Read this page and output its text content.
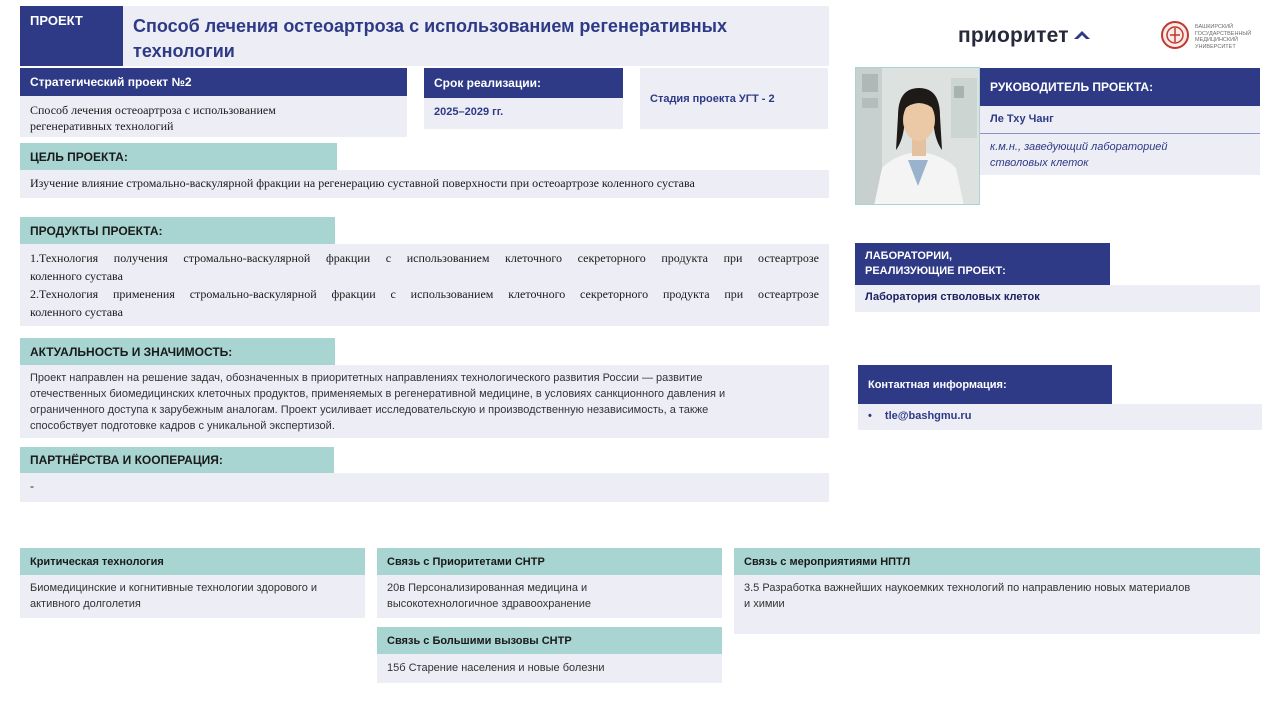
ПРОЕКТ	Способ лечения остеоартроза с использованием регенеративных
технологии
приоритет	БАШКИРСКИЙ
ГОСУДАРСТВЕННЫЙ
МЕДИЦИНСКИЙ
УНИВЕРСИТЕТ
Стратегический проект №2
Способ лечения остеоартроза с использованием
регенеративных технологий
Срок реализации:
2025–2029 гг.
Стадия проекта УГТ - 2
РУКОВОДИТЕЛЬ ПРОЕКТА:
Ле Тху Чанг
к.м.н., заведующий лабораторией
стволовых клеток
ЦЕЛЬ ПРОЕКТА:
Изучение влияние стромально-васкулярной фракции на регенерацию суставной поверхности при остеоартрозе коленного сустава
ПРОДУКТЫ ПРОЕКТА:
1.Технология получения стромально-васкулярной фракции с использованием клеточного секреторного продукта при остеартрозе
коленного сустава
2.Технология применения стромально-васкулярной фракции с использованием клеточного секреторного продукта при остеартрозе
коленного сустава
ЛАБОРАТОРИИ,
РЕАЛИЗУЮЩИЕ ПРОЕКТ:
Лаборатория стволовых клеток
АКТУАЛЬНОСТЬ И ЗНАЧИМОСТЬ:
Проект направлен на решение задач, обозначенных в приоритетных направлениях технологического развития России — развитие
отечественных биомедицинских клеточных продуктов, применяемых в регенеративной медицине, в условиях санкционного давления и
ограниченного доступа к зарубежным аналогам. Проект усиливает исследовательскую и производственную независимость, а также
способствует подготовке кадров с уникальной экспертизой.
Контактная информация:
• tle@bashgmu.ru
ПАРТНЁРСТВА И КООПЕРАЦИЯ:
-
Критическая технология
Биомедицинские и когнитивные технологии здорового и
активного долголетия
Связь с Приоритетами СНТР
20в Персонализированная медицина и
высокотехнологичное здравоохранение
Связь с Большими вызовы СНТР
15б Старение населения и новые болезни
Связь с мероприятиями НПТЛ
3.5 Разработка важнейших наукоемких технологий по направлению новых материалов
и химии
